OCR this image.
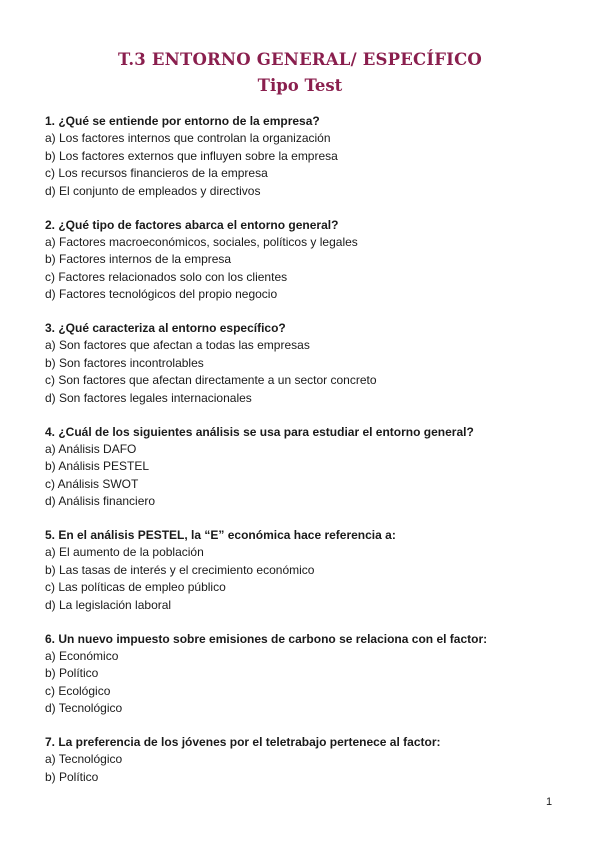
T.3 ENTORNO GENERAL/ ESPECÍFICO
Tipo Test

1. ¿Qué se entiende por entorno de la empresa?

a) Los factores internos que controlan la organización

b) Los factores externos que influyen sobre la empresa

c) Los recursos financieros de la empresa

d) El conjunto de empleados y directivos

2. ¿Qué tipo de factores abarca el entorno general?

a) Factores macroeconómicos, sociales, políticos y legales

b) Factores internos de la empresa

c) Factores relacionados solo con los clientes

d) Factores tecnológicos del propio negocio

3. ¿Qué caracteriza al entorno específico?

a) Son factores que afectan a todas las empresas

b) Son factores incontrolables

c) Son factores que afectan directamente a un sector concreto

d) Son factores legales internacionales

4. ¿Cuál de los siguientes análisis se usa para estudiar el entorno general?

a) Análisis DAFO

b) Análisis PESTEL

c) Análisis SWOT

d) Análisis financiero

5. En el análisis PESTEL, la “E” económica hace referencia a:

a) El aumento de la población

b) Las tasas de interés y el crecimiento económico

c) Las políticas de empleo público

d) La legislación laboral

6. Un nuevo impuesto sobre emisiones de carbono se relaciona con el factor:

a) Económico

b) Político

c) Ecológico

d) Tecnológico

7. La preferencia de los jóvenes por el teletrabajo pertenece al factor:

a) Tecnológico

b) Político

1
